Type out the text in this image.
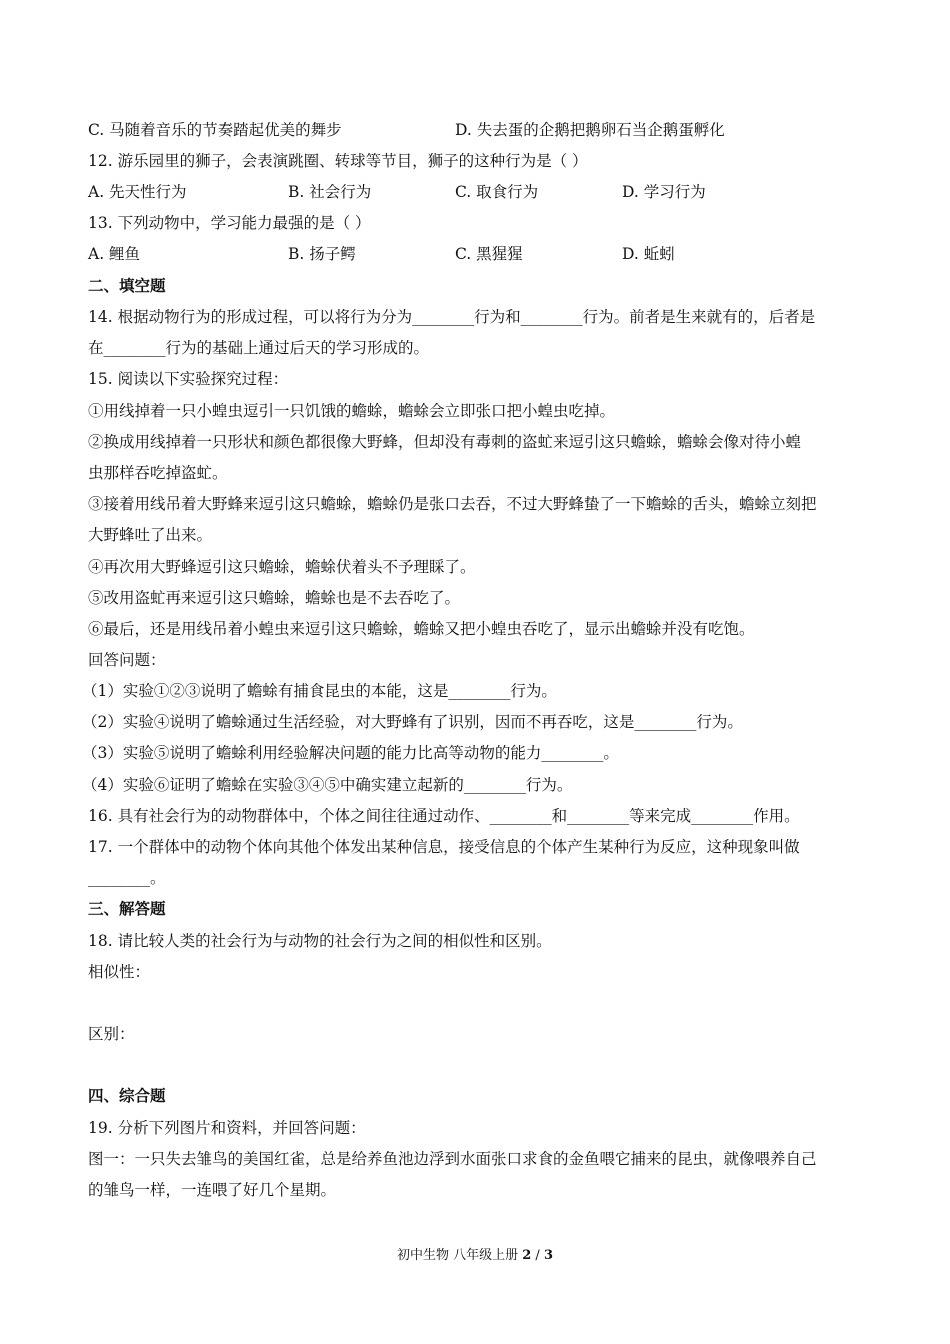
C. 马随着音乐的节奏踏起优美的舞步	D. 失去蛋的企鹅把鹅卵石当企鹅蛋孵化
12. 游乐园里的狮子，会表演跳圈、转球等节目，狮子的这种行为是（ ）
A. 先天性行为	B. 社会行为	C. 取食行为	D. 学习行为
13. 下列动物中，学习能力最强的是（ ）
A. 鲤鱼	B. 扬子鳄	C. 黑猩猩	D. 蚯蚓
二、填空题
14. 根据动物行为的形成过程，可以将行为分为________行为和________行为。前者是生来就有的，后者是
在________行为的基础上通过后天的学习形成的。
15. 阅读以下实验探究过程：
①用线掉着一只小蝗虫逗引一只饥饿的蟾蜍，蟾蜍会立即张口把小蝗虫吃掉。
②换成用线掉着一只形状和颜色都很像大野蜂，但却没有毒刺的盗虻来逗引这只蟾蜍，蟾蜍会像对待小蝗
虫那样吞吃掉盗虻。
③接着用线吊着大野蜂来逗引这只蟾蜍，蟾蜍仍是张口去吞，不过大野蜂蛰了一下蟾蜍的舌头，蟾蜍立刻把
大野蜂吐了出来。
④再次用大野蜂逗引这只蟾蜍，蟾蜍伏着头不予理睬了。
⑤改用盗虻再来逗引这只蟾蜍，蟾蜍也是不去吞吃了。
⑥最后，还是用线吊着小蝗虫来逗引这只蟾蜍，蟾蜍又把小蝗虫吞吃了，显示出蟾蜍并没有吃饱。
回答问题：
（1）实验①②③说明了蟾蜍有捕食昆虫的本能，这是________行为。
（2）实验④说明了蟾蜍通过生活经验，对大野蜂有了识别，因而不再吞吃，这是________行为。
（3）实验⑤说明了蟾蜍利用经验解决问题的能力比高等动物的能力________。
（4）实验⑥证明了蟾蜍在实验③④⑤中确实建立起新的________行为。
16. 具有社会行为的动物群体中，个体之间往往通过动作、________和________等来完成________作用。
17. 一个群体中的动物个体向其他个体发出某种信息，接受信息的个体产生某种行为反应，这种现象叫做
________。
三、解答题
18. 请比较人类的社会行为与动物的社会行为之间的相似性和区别。
相似性：
区别：
四、综合题
19. 分析下列图片和资料，并回答问题：
图一：一只失去雏鸟的美国红雀，总是给养鱼池边浮到水面张口求食的金鱼喂它捕来的昆虫，就像喂养自己
的雏鸟一样，一连喂了好几个星期。
初中生物 八年级上册 2 / 3
